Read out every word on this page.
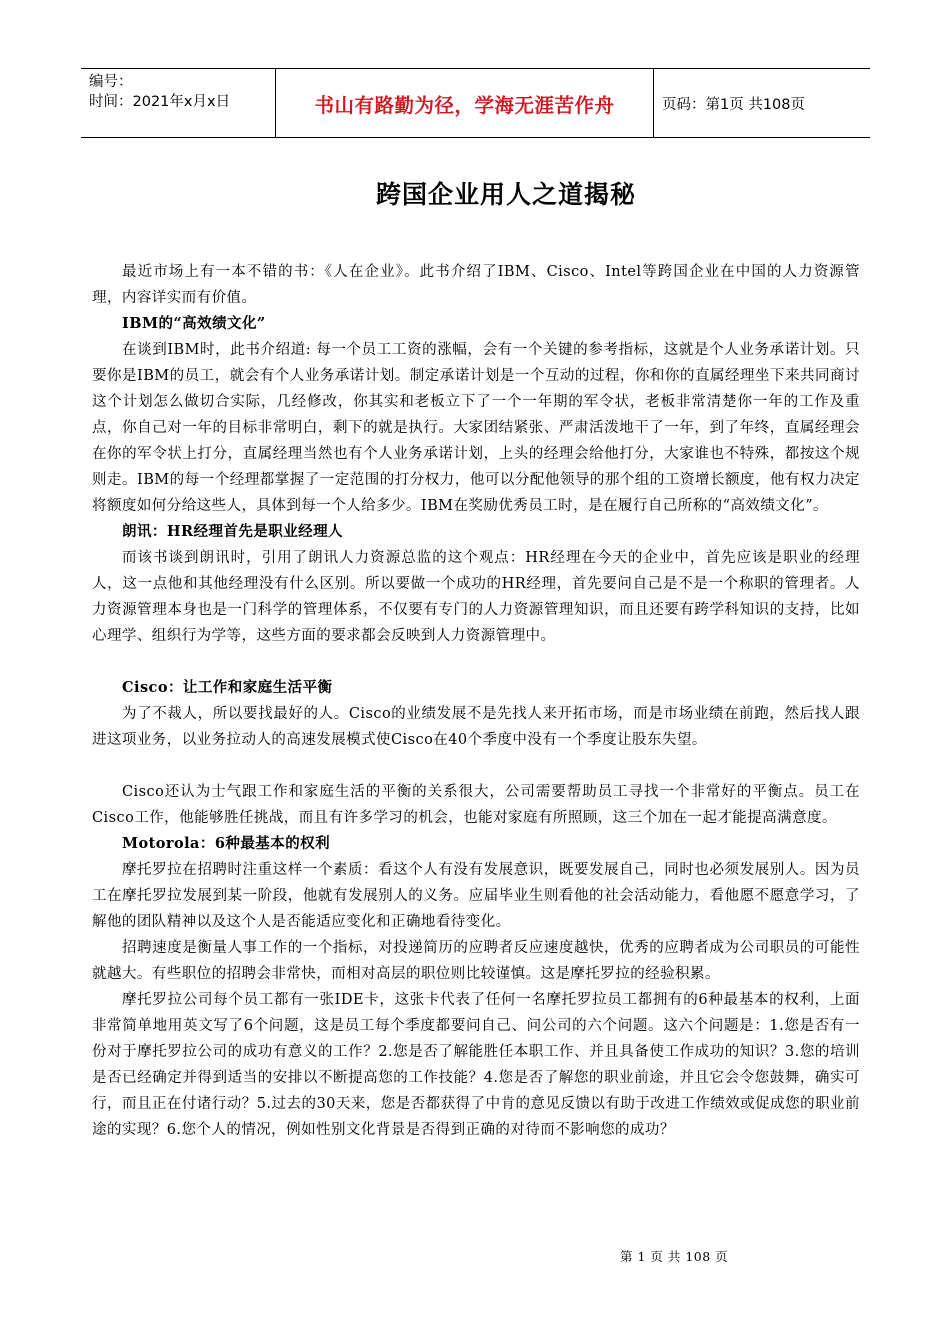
编号：
时间：2021年x月x日	书山有路勤为径，学海无涯苦作舟	页码：第1页 共108页
跨国企业用人之道揭秘

最近市场上有一本不错的书：《人在企业》。此书介绍了IBM、Cisco、Intel等跨国企业在中国的人力资源管理，内容详实而有价值。

IBM的“高效绩文化”

在谈到IBM时，此书介绍道: 每一个员工工资的涨幅，会有一个关键的参考指标，这就是个人业务承诺计划。只要你是IBM的员工，就会有个人业务承诺计划。制定承诺计划是一个互动的过程，你和你的直属经理坐下来共同商讨这个计划怎么做切合实际，几经修改，你其实和老板立下了一个一年期的军令状，老板非常清楚你一年的工作及重点，你自己对一年的目标非常明白，剩下的就是执行。大家团结紧张、严肃活泼地干了一年，到了年终，直属经理会在你的军令状上打分，直属经理当然也有个人业务承诺计划，上头的经理会给他打分，大家谁也不特殊，都按这个规则走。IBM的每一个经理都掌握了一定范围的打分权力，他可以分配他领导的那个组的工资增长额度，他有权力决定将额度如何分给这些人，具体到每一个人给多少。IBM在奖励优秀员工时，是在履行自己所称的“高效绩文化”。

朗讯：HR经理首先是职业经理人

而该书谈到朗讯时，引用了朗讯人力资源总监的这个观点：HR经理在今天的企业中，首先应该是职业的经理人，这一点他和其他经理没有什么区别。所以要做一个成功的HR经理，首先要问自己是不是一个称职的管理者。人力资源管理本身也是一门科学的管理体系，不仅要有专门的人力资源管理知识，而且还要有跨学科知识的支持，比如心理学、组织行为学等，这些方面的要求都会反映到人力资源管理中。

Cisco：让工作和家庭生活平衡

为了不裁人，所以要找最好的人。Cisco的业绩发展不是先找人来开拓市场，而是市场业绩在前跑，然后找人跟进这项业务，以业务拉动人的高速发展模式使Cisco在40个季度中没有一个季度让股东失望。

Cisco还认为士气跟工作和家庭生活的平衡的关系很大，公司需要帮助员工寻找一个非常好的平衡点。员工在Cisco工作，他能够胜任挑战，而且有许多学习的机会，也能对家庭有所照顾，这三个加在一起才能提高满意度。

Motorola：6种最基本的权利

摩托罗拉在招聘时注重这样一个素质：看这个人有没有发展意识，既要发展自己，同时也必须发展别人。因为员工在摩托罗拉发展到某一阶段，他就有发展别人的义务。应届毕业生则看他的社会活动能力，看他愿不愿意学习，了解他的团队精神以及这个人是否能适应变化和正确地看待变化。

招聘速度是衡量人事工作的一个指标，对投递简历的应聘者反应速度越快，优秀的应聘者成为公司职员的可能性就越大。有些职位的招聘会非常快，而相对高层的职位则比较谨慎。这是摩托罗拉的经验积累。

摩托罗拉公司每个员工都有一张IDE卡，这张卡代表了任何一名摩托罗拉员工都拥有的6种最基本的权利，上面非常简单地用英文写了6个问题，这是员工每个季度都要问自己、问公司的六个问题。这六个问题是：1.您是否有一份对于摩托罗拉公司的成功有意义的工作？2.您是否了解能胜任本职工作、并且具备使工作成功的知识？3.您的培训是否已经确定并得到适当的安排以不断提高您的工作技能？4.您是否了解您的职业前途，并且它会令您鼓舞，确实可行，而且正在付诸行动？5.过去的30天来，您是否都获得了中肯的意见反馈以有助于改进工作绩效或促成您的职业前途的实现？6.您个人的情况，例如性别文化背景是否得到正确的对待而不影响您的成功？

第 1 页 共 108 页
